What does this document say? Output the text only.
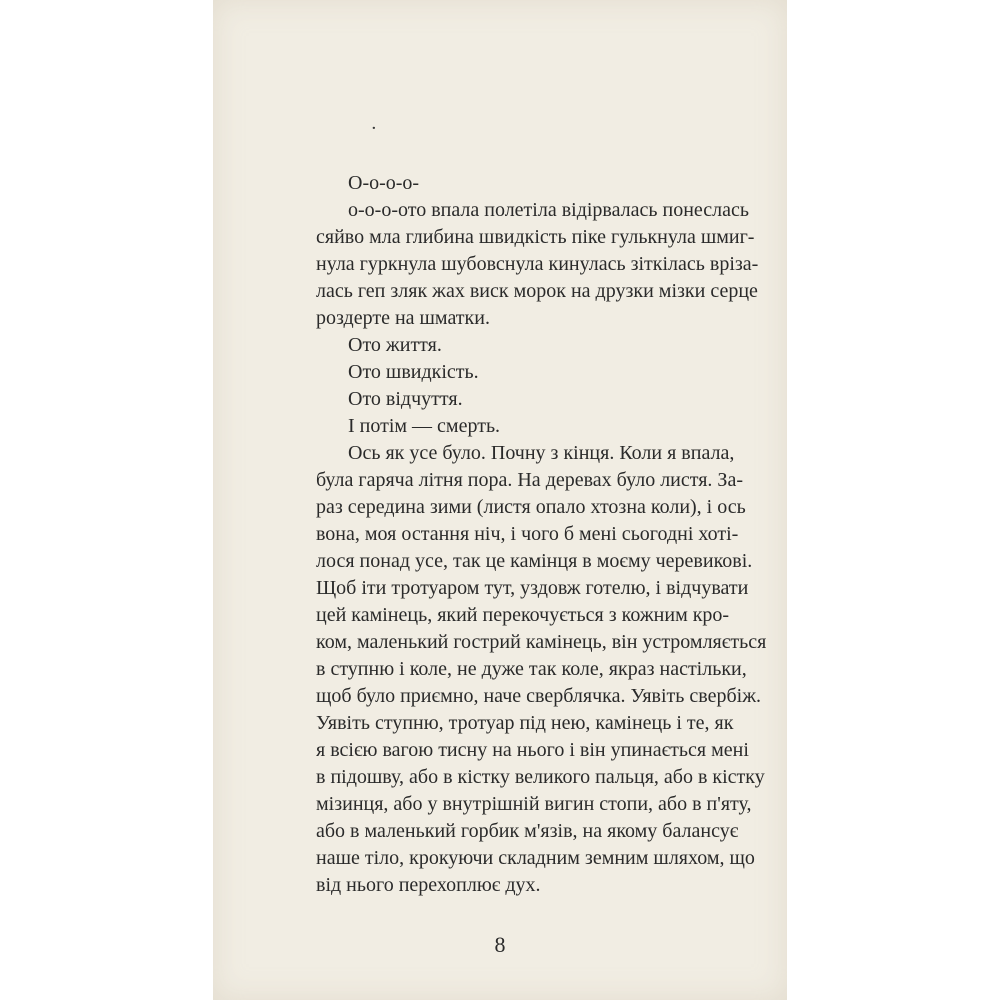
·
О-о-о-о-
о-о-о-ото впала полетіла відірвалась понеслась
сяйво мла глибина швидкість піке гулькнула шмиг-
нула гуркнула шубовснула кинулась зіткілась вріза-
лась геп зляк жах виск морок на друзки мізки серце
роздерте на шматки.
Ото життя.
Ото швидкість.
Ото відчуття.
І потім — смерть.
Ось як усе було. Почну з кінця. Коли я впала,
була гаряча літня пора. На деревах було листя. За-
раз середина зими (листя опало хтозна коли), і ось
вона, моя остання ніч, і чого б мені сьогодні хоті-
лося понад усе, так це камінця в моєму черевикові.
Щоб іти тротуаром тут, уздовж готелю, і відчувати
цей камінець, який перекочується з кожним кро-
ком, маленький гострий камінець, він устромляється
в ступню і коле, не дуже так коле, якраз настільки,
щоб було приємно, наче сверблячка. Уявіть свербіж.
Уявіть ступню, тротуар під нею, камінець і те, як
я всією вагою тисну на нього і він упинається мені
в підошву, або в кістку великого пальця, або в кістку
мізинця, або у внутрішній вигин стопи, або в п'яту,
або в маленький горбик м'язів, на якому балансує
наше тіло, крокуючи складним земним шляхом, що
від нього перехоплює дух.
8
